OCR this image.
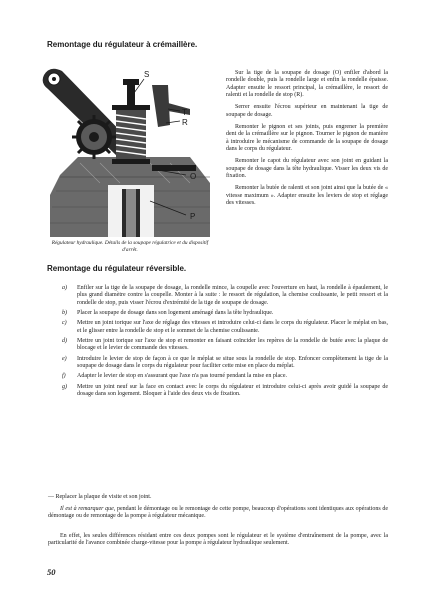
Remontage du régulateur à crémaillère.
S
T
R
O
P
Régulateur hydraulique. Détails de la soupape régulatrice et du dispositif d'arrêt.

Sur la tige de la soupape de dosage (O) enfiler d'abord la rondelle double, puis la rondelle large et enfin la rondelle épaisse. Adapter ensuite le ressort principal, la crémaillère, le ressort de ralenti et la rondelle de stop (R).

Serrer ensuite l'écrou supérieur en maintenant la tige de soupape de dosage.

Remonter le pignon et ses joints, puis engrener la première dent de la crémaillère sur le pignon. Tourner le pignon de manière à introduire le mécanisme de commande de la soupape de dosage dans le corps du régulateur.

Remonter le capot du régulateur avec son joint en guidant la soupape de dosage dans la tête hydraulique. Visser les deux vis de fixation.

Remonter la butée de ralenti et son joint ainsi que la butée de « vitesse maximum ». Adapter ensuite les leviers de stop et réglage des vitesses.

Remontage du régulateur réversible.
a) Enfiler sur la tige de la soupape de dosage, la rondelle mince, la coupelle avec l'ouverture en haut, la rondelle à épaulement, le plus grand diamètre contre la coupelle. Monter à la suite : le ressort de régulation, la chemise coulissante, le petit ressort et la rondelle de stop, puis visser l'écrou d'extrémité de la tige de soupape de dosage.
b) Placer la soupape de dosage dans son logement aménagé dans la tête hydraulique.
c) Mettre un joint torique sur l'axe de réglage des vitesses et introduire celui-ci dans le corps du régulateur. Placer le méplat en bas, et le glisser entre la rondelle de stop et le sommet de la chemise coulissante.
d) Mettre un joint torique sur l'axe de stop et remonter en faisant coïncider les repères de la rondelle de butée avec la plaque de blocage et le levier de commande des vitesses.
e) Introduire le levier de stop de façon à ce que le méplat se situe sous la rondelle de stop. Enfoncer complètement la tige de la soupape de dosage dans le corps du régulateur pour faciliter cette mise en place du méplat.
f) Adapter le levier de stop en s'assurant que l'axe n'a pas tourné pendant la mise en place.
g) Mettre un joint neuf sur la face en contact avec le corps du régulateur et introduire celui-ci après avoir guidé la soupape de dosage dans son logement. Bloquer à l'aide des deux vis de fixation.
— Replacer la plaque de visite et son joint.
Il est à remarquer que, pendant le démontage ou le remontage de cette pompe, beaucoup d'opérations sont identiques aux opérations de démontage ou de remontage de la pompe à régulateur mécanique.
En effet, les seules différences résidant entre ces deux pompes sont le régulateur et le système d'entraînement de la pompe, avec la particularité de l'avance combinée charge-vitesse pour la pompe à régulateur hydraulique seulement.
50
